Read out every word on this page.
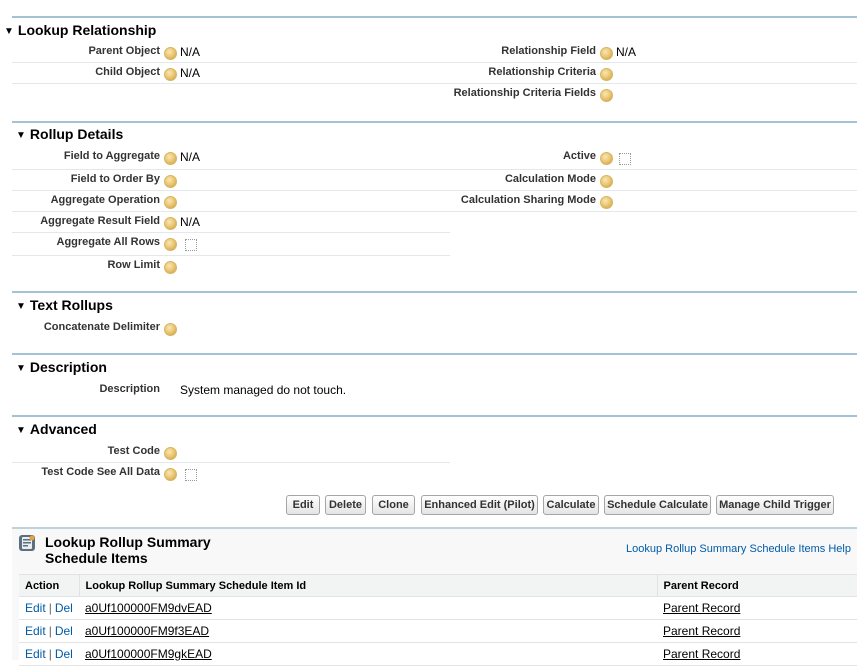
▼ Lookup Relationship
Parent Object N/A
Child Object N/A
Relationship Field N/A
Relationship Criteria
Relationship Criteria Fields
▼ Rollup Details
Field to Aggregate N/A
Field to Order By
Aggregate Operation
Aggregate Result Field N/A
Aggregate All Rows
Row Limit
Active
Calculation Mode
Calculation Sharing Mode
▼ Text Rollups
Concatenate Delimiter
▼ Description
Description System managed do not touch.
▼ Advanced
Test Code
Test Code See All Data
Edit	Delete	Clone	Enhanced Edit (Pilot)	Calculate	Schedule Calculate Manage Child Trigger
Lookup Rollup Summary Schedule Items
Lookup Rollup Summary Schedule Items Help
Action	Lookup Rollup Summary Schedule Item Id	Parent Record
Edit | Del	a0Uf100000FM9dvEAD	Parent Record
Edit | Del	a0Uf100000FM9f3EAD	Parent Record
Edit | Del	a0Uf100000FM9gkEAD	Parent Record
